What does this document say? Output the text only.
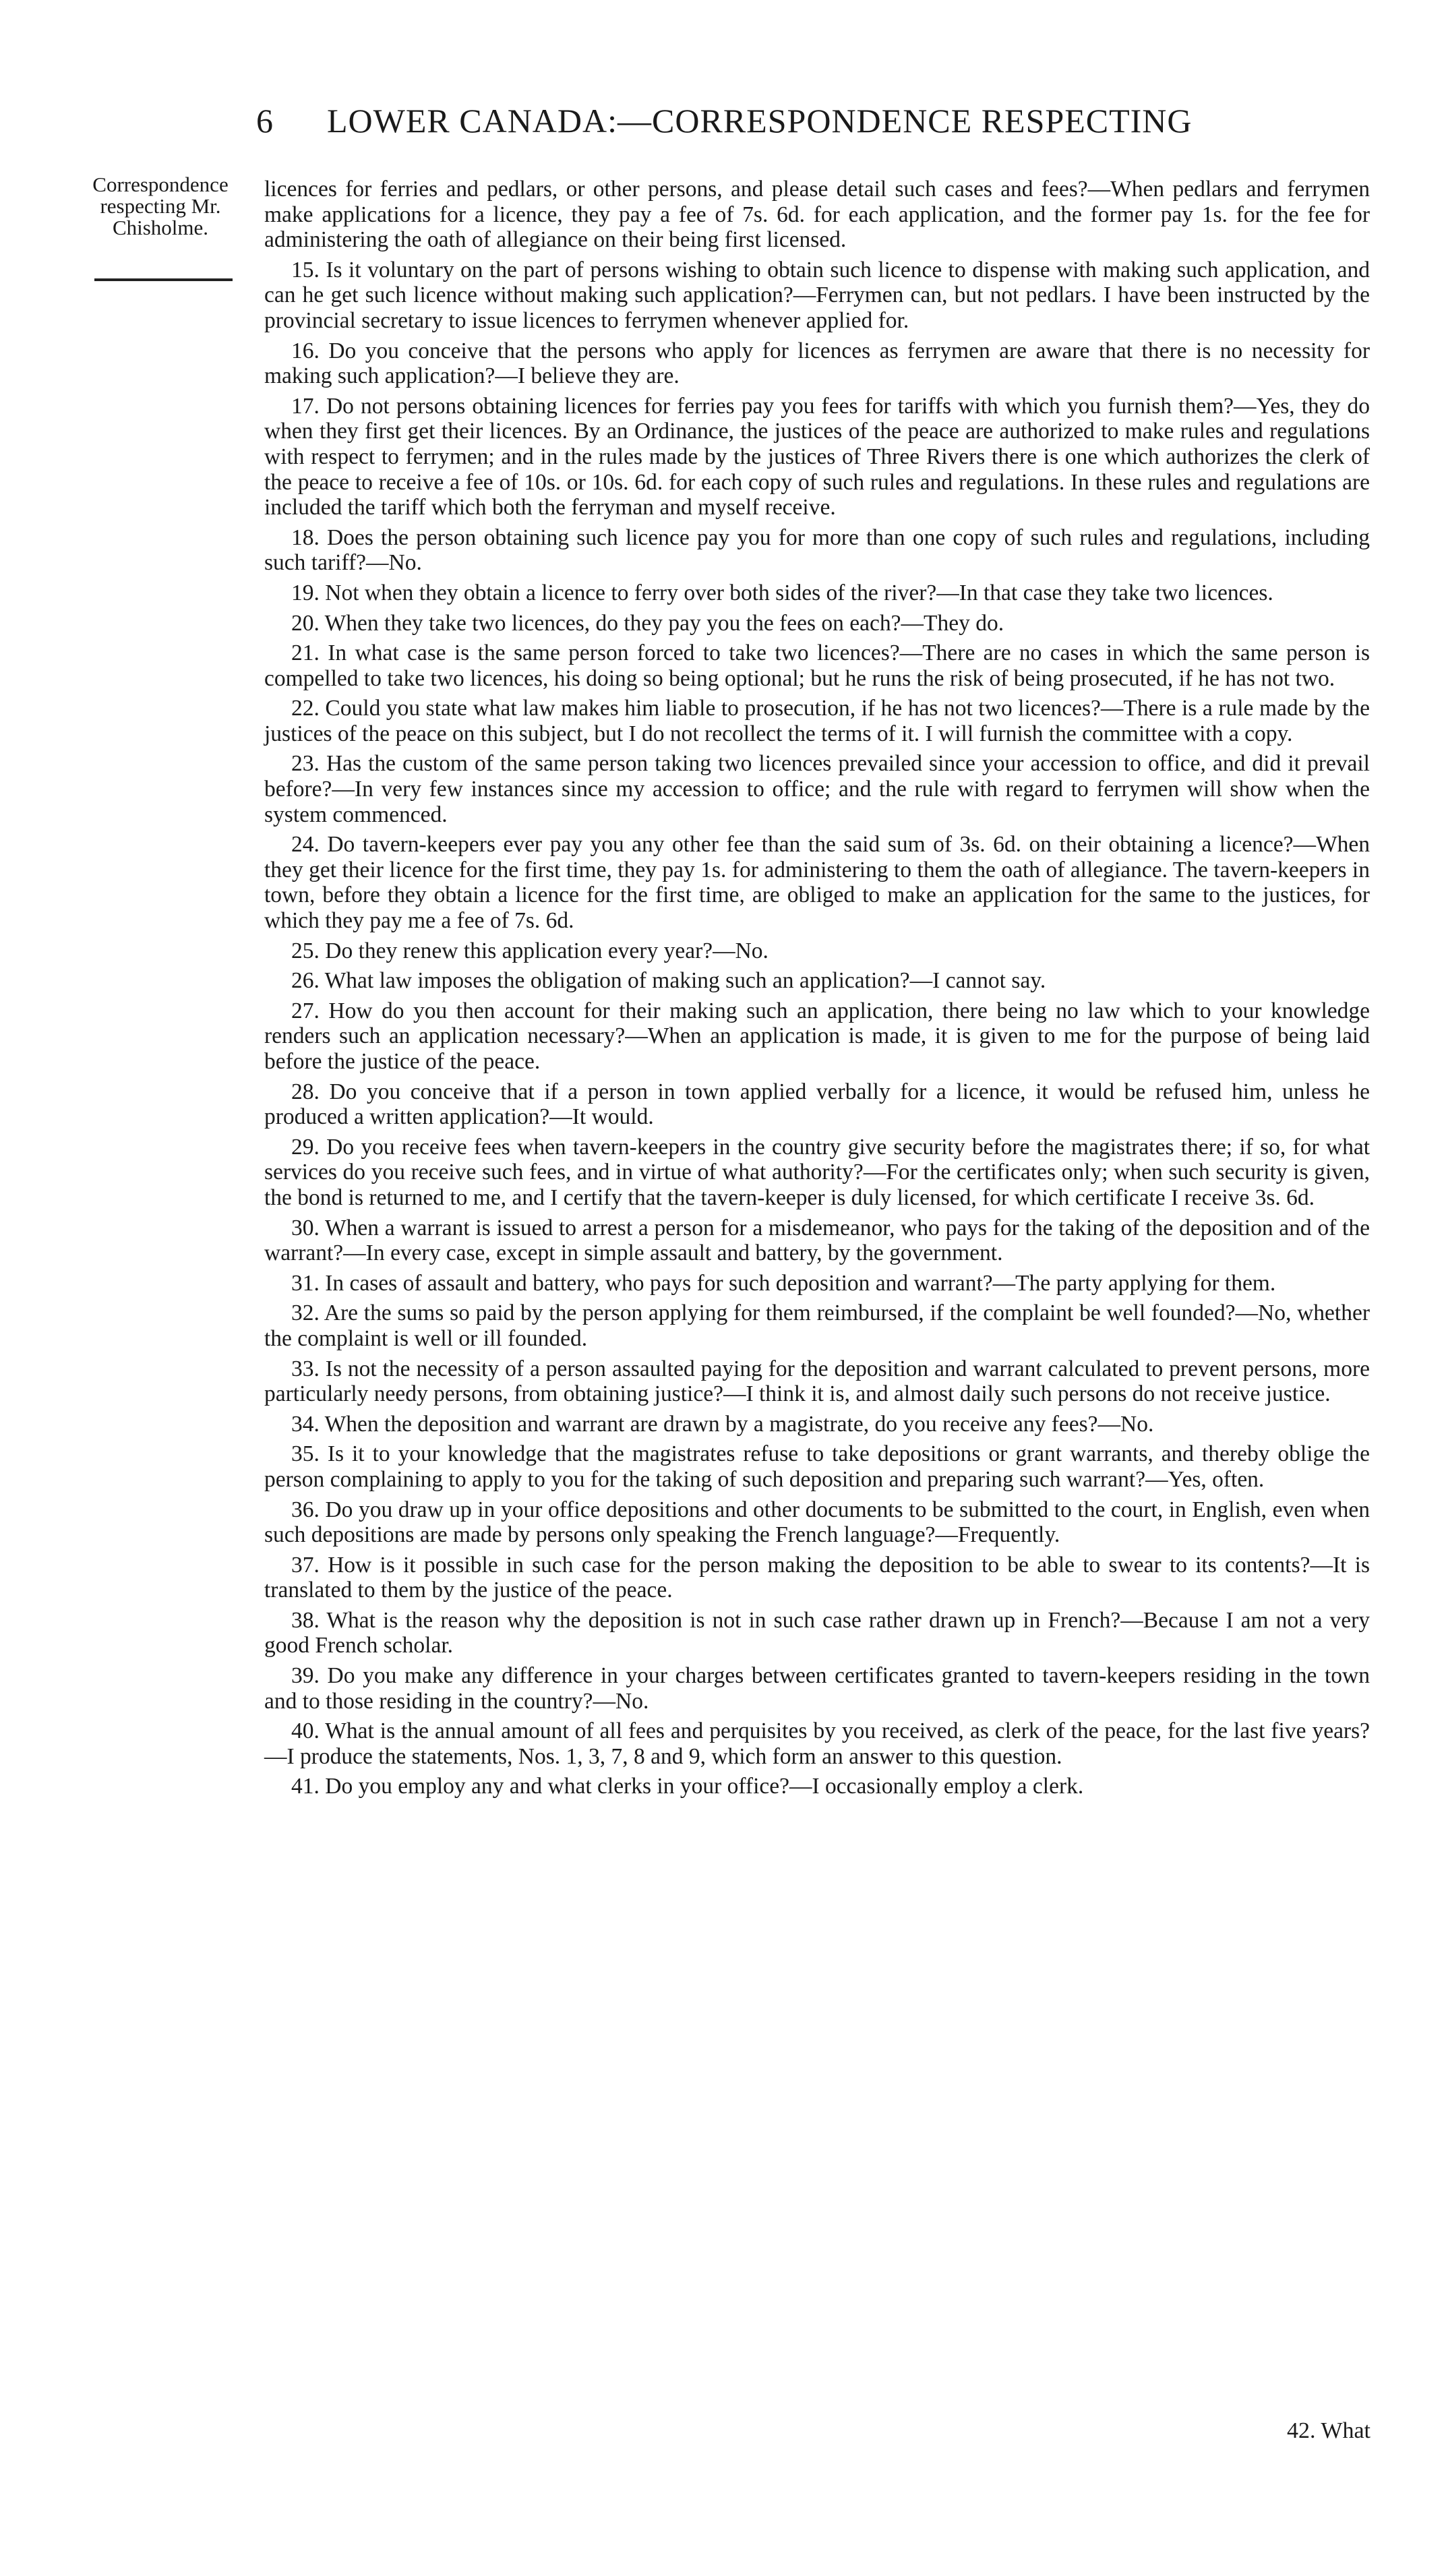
6 LOWER CANADA:—CORRESPONDENCE RESPECTING
Correspondence respecting Mr. Chisholme.

licences for ferries and pedlars, or other persons, and please detail such cases and fees?—When pedlars and ferrymen make applications for a licence, they pay a fee of 7s. 6d. for each application, and the former pay 1s. for the fee for administering the oath of allegiance on their being first licensed.

15. Is it voluntary on the part of persons wishing to obtain such licence to dispense with making such application, and can he get such licence without making such application?—Ferrymen can, but not pedlars. I have been instructed by the provincial secretary to issue licences to ferrymen whenever applied for.

16. Do you conceive that the persons who apply for licences as ferrymen are aware that there is no necessity for making such application?—I believe they are.

17. Do not persons obtaining licences for ferries pay you fees for tariffs with which you furnish them?—Yes, they do when they first get their licences. By an Ordinance, the justices of the peace are authorized to make rules and regulations with respect to ferrymen; and in the rules made by the justices of Three Rivers there is one which authorizes the clerk of the peace to receive a fee of 10s. or 10s. 6d. for each copy of such rules and regulations. In these rules and regulations are included the tariff which both the ferryman and myself receive.

18. Does the person obtaining such licence pay you for more than one copy of such rules and regulations, including such tariff?—No.

19. Not when they obtain a licence to ferry over both sides of the river?—In that case they take two licences.

20. When they take two licences, do they pay you the fees on each?—They do.

21. In what case is the same person forced to take two licences?—There are no cases in which the same person is compelled to take two licences, his doing so being optional; but he runs the risk of being prosecuted, if he has not two.

22. Could you state what law makes him liable to prosecution, if he has not two licences?—There is a rule made by the justices of the peace on this subject, but I do not recollect the terms of it. I will furnish the committee with a copy.

23. Has the custom of the same person taking two licences prevailed since your accession to office, and did it prevail before?—In very few instances since my accession to office; and the rule with regard to ferrymen will show when the system commenced.

24. Do tavern-keepers ever pay you any other fee than the said sum of 3s. 6d. on their obtaining a licence?—When they get their licence for the first time, they pay 1s. for administering to them the oath of allegiance. The tavern-keepers in town, before they obtain a licence for the first time, are obliged to make an application for the same to the justices, for which they pay me a fee of 7s. 6d.

25. Do they renew this application every year?—No.

26. What law imposes the obligation of making such an application?—I cannot say.

27. How do you then account for their making such an application, there being no law which to your knowledge renders such an application necessary?—When an application is made, it is given to me for the purpose of being laid before the justice of the peace.

28. Do you conceive that if a person in town applied verbally for a licence, it would be refused him, unless he produced a written application?—It would.

29. Do you receive fees when tavern-keepers in the country give security before the magistrates there; if so, for what services do you receive such fees, and in virtue of what authority?—For the certificates only; when such security is given, the bond is returned to me, and I certify that the tavern-keeper is duly licensed, for which certificate I receive 3s. 6d.

30. When a warrant is issued to arrest a person for a misdemeanor, who pays for the taking of the deposition and of the warrant?—In every case, except in simple assault and battery, by the government.

31. In cases of assault and battery, who pays for such deposition and warrant?—The party applying for them.

32. Are the sums so paid by the person applying for them reimbursed, if the complaint be well founded?—No, whether the complaint is well or ill founded.

33. Is not the necessity of a person assaulted paying for the deposition and warrant calculated to prevent persons, more particularly needy persons, from obtaining justice?—I think it is, and almost daily such persons do not receive justice.

34. When the deposition and warrant are drawn by a magistrate, do you receive any fees?—No.

35. Is it to your knowledge that the magistrates refuse to take depositions or grant warrants, and thereby oblige the person complaining to apply to you for the taking of such deposition and preparing such warrant?—Yes, often.

36. Do you draw up in your office depositions and other documents to be submitted to the court, in English, even when such depositions are made by persons only speaking the French language?—Frequently.

37. How is it possible in such case for the person making the deposition to be able to swear to its contents?—It is translated to them by the justice of the peace.

38. What is the reason why the deposition is not in such case rather drawn up in French?—Because I am not a very good French scholar.

39. Do you make any difference in your charges between certificates granted to tavern-keepers residing in the town and to those residing in the country?—No.

40. What is the annual amount of all fees and perquisites by you received, as clerk of the peace, for the last five years?—I produce the statements, Nos. 1, 3, 7, 8 and 9, which form an answer to this question.

41. Do you employ any and what clerks in your office?—I occasionally employ a clerk.

42. What
